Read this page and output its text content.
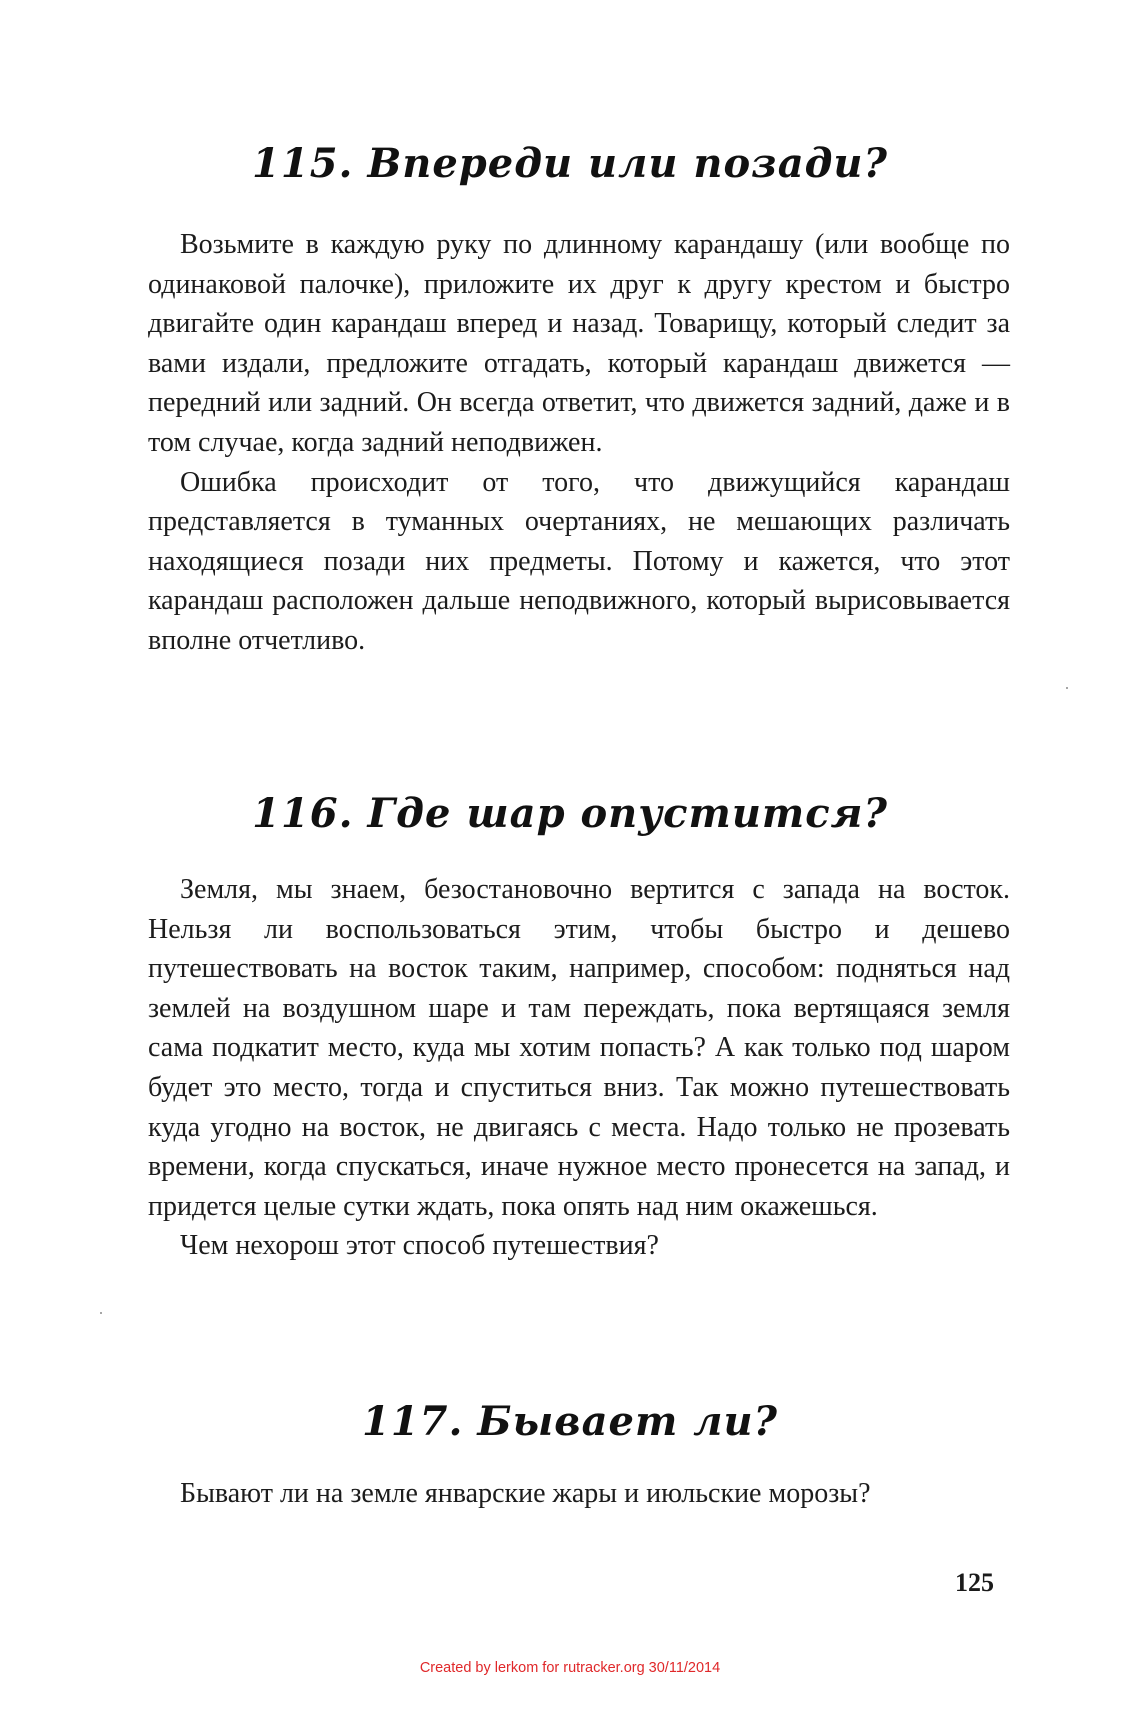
115. Впереди или позади?

Возьмите в каждую руку по длинному карандашу (или вообще по одинаковой палочке), приложите их друг к другу крестом и быстро двигайте один карандаш вперед и назад. Товарищу, который следит за вами издали, предложите отгадать, который карандаш движется — передний или задний. Он всегда ответит, что движется задний, даже и в том случае, когда задний неподвижен.

Ошибка происходит от того, что движущийся карандаш представляется в туманных очертаниях, не мешающих различать находящиеся позади них предметы. Потому и кажется, что этот карандаш расположен дальше неподвижного, который вырисовывается вполне отчетливо.

116. Где шар опустится?

Земля, мы знаем, безостановочно вертится с запада на восток. Нельзя ли воспользоваться этим, чтобы быстро и дешево путешествовать на восток таким, например, способом: подняться над землей на воздушном шаре и там переждать, пока вертящаяся земля сама подкатит место, куда мы хотим попасть? А как только под шаром будет это место, тогда и спуститься вниз. Так можно путешествовать куда угодно на восток, не двигаясь с места. Надо только не прозевать времени, когда спускаться, иначе нужное место пронесется на запад, и придется целые сутки ждать, пока опять над ним окажешься.

Чем нехорош этот способ путешествия?

117. Бывает ли?

Бывают ли на земле январские жары и июльские морозы?

125
Created by lerkom for rutracker.org 30/11/2014
